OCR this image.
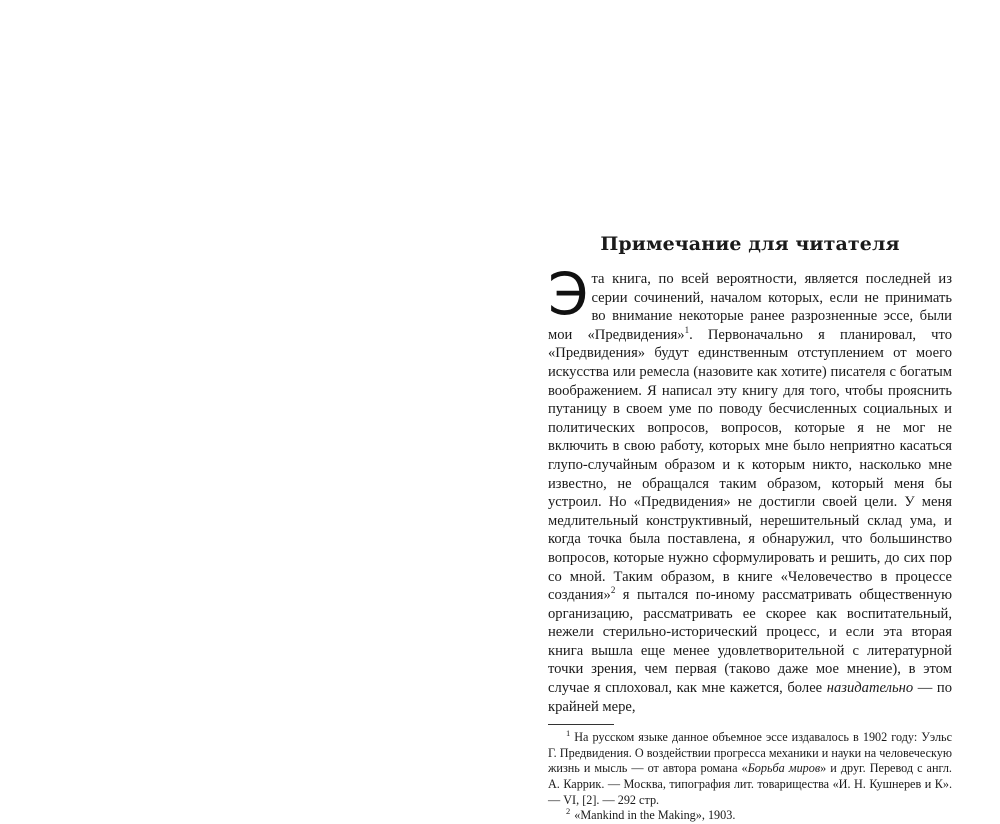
Примечание для читателя

Эта книга, по всей вероятности, является последней из серии сочинений, началом которых, если не принимать во внимание некоторые ранее разрозненные эссе, были мои «Предвидения»$^1$. Первоначально я планировал, что «Предвидения» будут единственным отступлением от моего искусства или ремесла (назовите как хотите) писателя с богатым воображением. Я написал эту книгу для того, чтобы прояснить путаницу в своем уме по поводу бесчисленных социальных и политических вопросов, вопросов, которые я не мог не включить в свою работу, которых мне было неприятно касаться глупо-случайным образом и к которым никто, насколько мне известно, не обращался таким образом, который меня бы устроил. Но «Предвидения» не достигли своей цели. У меня медлительный конструктивный, нерешительный склад ума, и когда точка была поставлена, я обнаружил, что большинство вопросов, которые нужно сформулировать и решить, до сих пор со мной. Таким образом, в книге «Человечество в процессе создания»$^2$ я пытался по-иному рассматривать общественную организацию, рассматривать ее скорее как воспитательный, нежели стерильно-исторический процесс, и если эта вторая книга вышла еще менее удовлетворительной с литературной точки зрения, чем первая (таково даже мое мнение), в этом случае я сплоховал, как мне кажется, более назидательно — по крайней мере,

$^1$ На русском языке данное объемное эссе издавалось в 1902 году: Уэльс Г. Предвидения. О воздействии прогресса механики и науки на человеческую жизнь и мысль — от автора романа «Борьба миров» и друг. Перевод с англ. А. Каррик. — Москва, типография лит. товарищества «И. Н. Кушнерев и К». — VI, [2]. — 292 стр.

$^2$ «Mankind in the Making», 1903.
